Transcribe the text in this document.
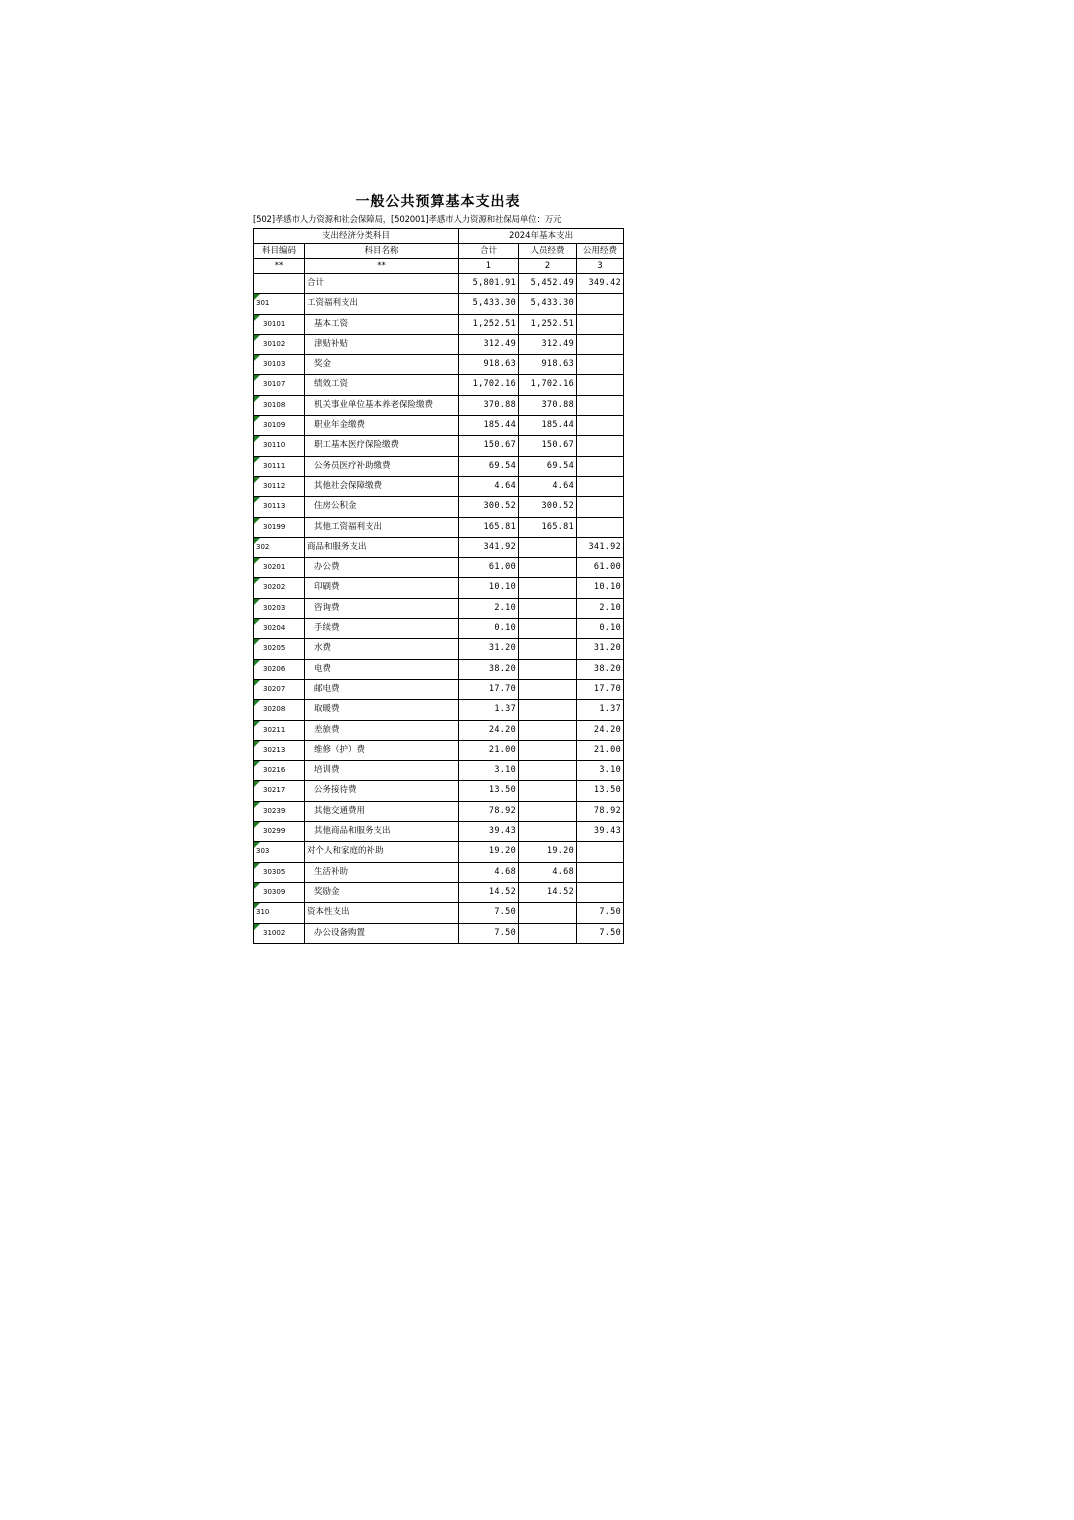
一般公共预算基本支出表
[502]孝感市人力资源和社会保障局，[502001]孝感市人力资源和社保局单位：万元
支出经济分类科目		2024年基本支出		
科目编码	科目名称	合计	人员经费	公用经费
**	**	1	2	3
	合计	5,801.91	5,452.49	349.42

301	工资福利支出	5,433.30	5,433.30	

30101	基本工资	1,252.51	1,252.51	

30102	津贴补贴	312.49	312.49	

30103	奖金	918.63	918.63	

30107	绩效工资	1,702.16	1,702.16	

30108	机关事业单位基本养老保险缴费	370.88	370.88	

30109	职业年金缴费	185.44	185.44	

30110	职工基本医疗保险缴费	150.67	150.67	

30111	公务员医疗补助缴费	69.54	69.54	

30112	其他社会保障缴费	4.64	4.64	

30113	住房公积金	300.52	300.52	

30199	其他工资福利支出	165.81	165.81	

302	商品和服务支出	341.92		341.92

30201	办公费	61.00		61.00

30202	印刷费	10.10		10.10

30203	咨询费	2.10		2.10

30204	手续费	0.10		0.10

30205	水费	31.20		31.20

30206	电费	38.20		38.20

30207	邮电费	17.70		17.70

30208	取暖费	1.37		1.37

30211	差旅费	24.20		24.20

30213	维修（护）费	21.00		21.00

30216	培训费	3.10		3.10

30217	公务接待费	13.50		13.50

30239	其他交通费用	78.92		78.92

30299	其他商品和服务支出	39.43		39.43

303	对个人和家庭的补助	19.20	19.20	

30305	生活补助	4.68	4.68	

30309	奖励金	14.52	14.52	

310	资本性支出	7.50		7.50

31002	办公设备购置	7.50		7.50
